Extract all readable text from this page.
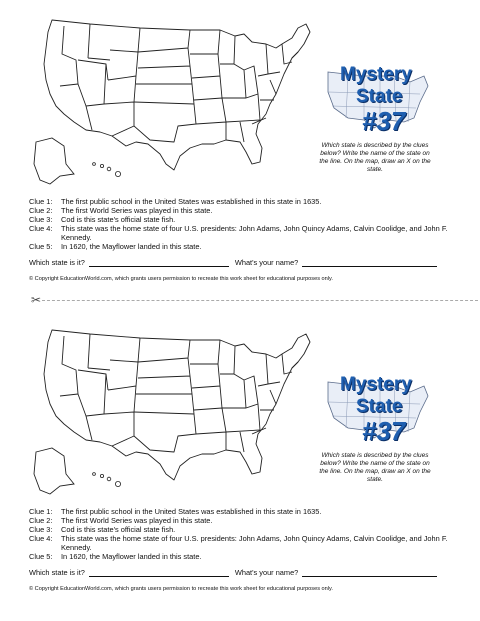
Mystery
State
#37
Which state is described by the clues below? Write the name of the state on the line. On the map, draw an X on the state.
Clue 1:	The first public school in the United States was established in this state in 1635.
Clue 2:	The first World Series was played in this state.
Clue 3:	Cod is this state's official state fish.
Clue 4:	This state was the home state of four U.S. presidents: John Adams, John Quincy Adams, Calvin Coolidge, and John F. Kennedy.
Clue 5:	In 1620, the Mayflower landed in this state.
Which state is it?	What's your name?
© Copyright EducationWorld.com, which grants users permission to recreate this work sheet for educational purposes only.
✂
Mystery
State
#37
Which state is described by the clues below? Write the name of the state on the line. On the map, draw an X on the state.
Clue 1:	The first public school in the United States was established in this state in 1635.
Clue 2:	The first World Series was played in this state.
Clue 3:	Cod is this state's official state fish.
Clue 4:	This state was the home state of four U.S. presidents: John Adams, John Quincy Adams, Calvin Coolidge, and John F. Kennedy.
Clue 5:	In 1620, the Mayflower landed in this state.
Which state is it?	What's your name?
© Copyright EducationWorld.com, which grants users permission to recreate this work sheet for educational purposes only.
